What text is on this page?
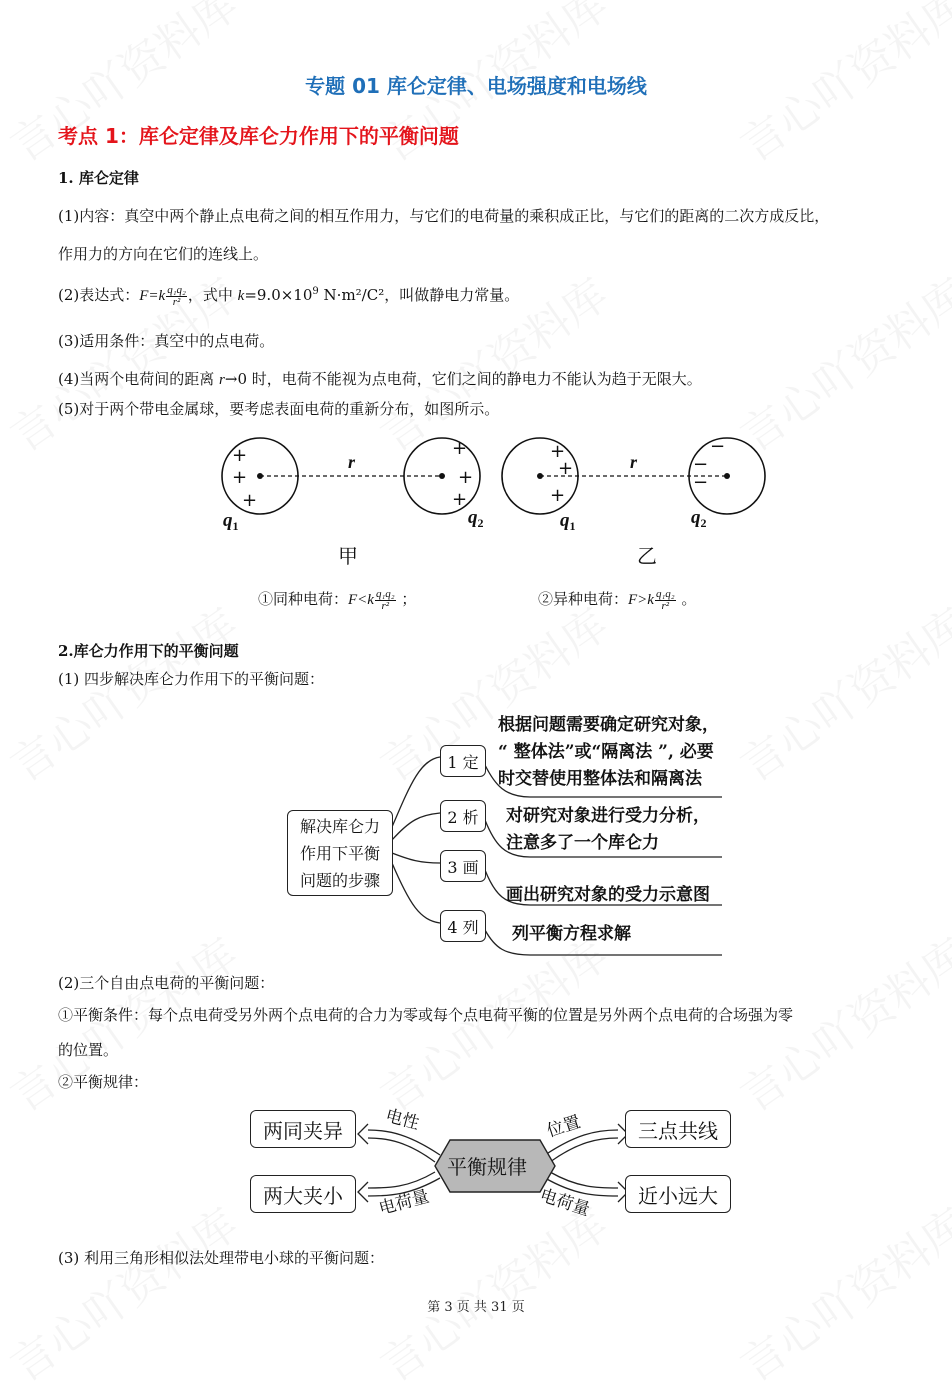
专题 01 库仑定律、电场强度和电场线
考点 1：库仑定律及库仑力作用下的平衡问题
1. 库仑定律
(1)内容：真空中两个静止点电荷之间的相互作用力，与它们的电荷量的乘积成正比，与它们的距离的二次方成反比，
作用力的方向在它们的连线上。
(2)表达式：$F=k \frac{\text{q₁q₂}}{\text{r²}}$ ，式中 $k=9.0\times 10^9$ N·m²/C²，叫做静电力常量。
(3)适用条件：真空中的点电荷。
(4)当两个电荷间的距离 r→0 时，电荷不能视为点电荷，它们之间的静电力不能认为趋于无限大。
(5)对于两个带电金属球，要考虑表面电荷的重新分布，如图所示。
+
+
+
+
+
+
+
+
+
−
−
−
r	r
$q_1$	$q_2$	$q_1$	$q_2$
甲	乙
①同种电荷：$F<k \frac{\text{q₁q₂}}{\text{r²}}$ ；	②异种电荷：$F>k \frac{\text{q₁q₂}}{\text{r²}}$ 。
2.库仑力作用下的平衡问题
(1) 四步解决库仑力作用下的平衡问题：
解决库仑力
作用下平衡
问题的步骤
1 定
2 析
3 画
4 列
根据问题需要确定研究对象，
“ 整体法”或“隔离法 ”, 必要
时交替使用整体法和隔离法
对研究对象进行受力分析，
注意多了一个库仑力
画出研究对象的受力示意图
列平衡方程求解
(2)三个自由点电荷的平衡问题：
①平衡条件：每个点电荷受另外两个点电荷的合力为零或每个点电荷平衡的位置是另外两个点电荷的合场强为零
的位置。
②平衡规律：
平衡规律
两同夹异
两大夹小
三点共线
近小远大
电性
电荷量
位置
电荷量
(3) 利用三角形相似法处理带电小球的平衡问题：
第 3 页 共 31 页
